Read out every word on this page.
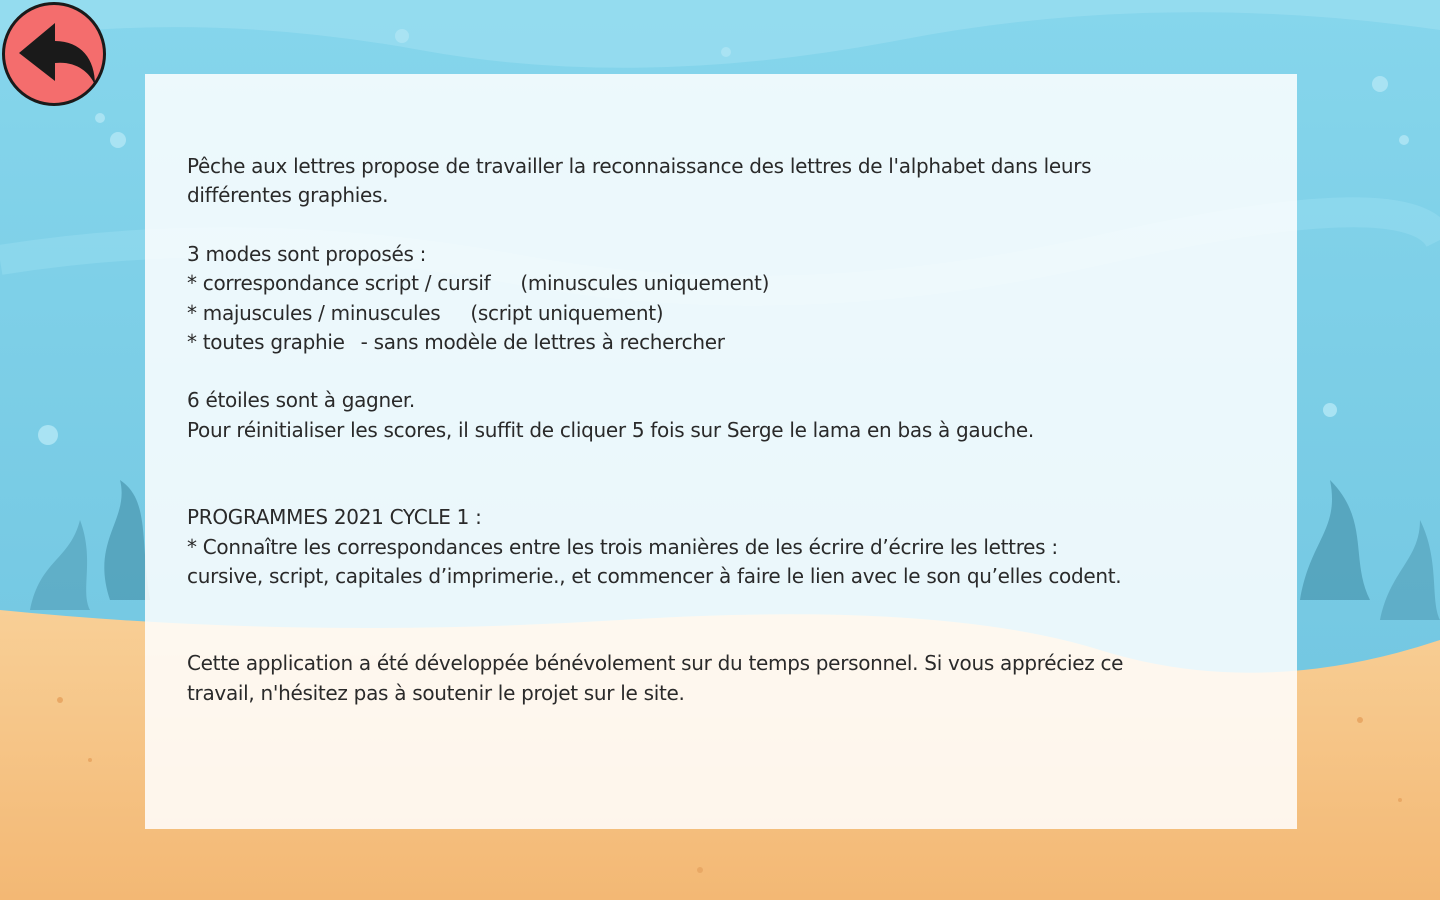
Pêche aux lettres propose de travailler la reconnaissance des lettres de l'alphabet dans leurs

différentes graphies.

3 modes sont proposés :

* correspondance script / cursif (minuscules uniquement)

* majuscules / minuscules (script uniquement)

* toutes graphie - sans modèle de lettres à rechercher

6 étoiles sont à gagner.

Pour réinitialiser les scores, il suffit de cliquer 5 fois sur Serge le lama en bas à gauche.

PROGRAMMES 2021 CYCLE 1 :

* Connaître les correspondances entre les trois manières de les écrire d’écrire les lettres :

cursive, script, capitales d’imprimerie., et commencer à faire le lien avec le son qu’elles codent.

Cette application a été développée bénévolement sur du temps personnel. Si vous appréciez ce

travail, n'hésitez pas à soutenir le projet sur le site.
